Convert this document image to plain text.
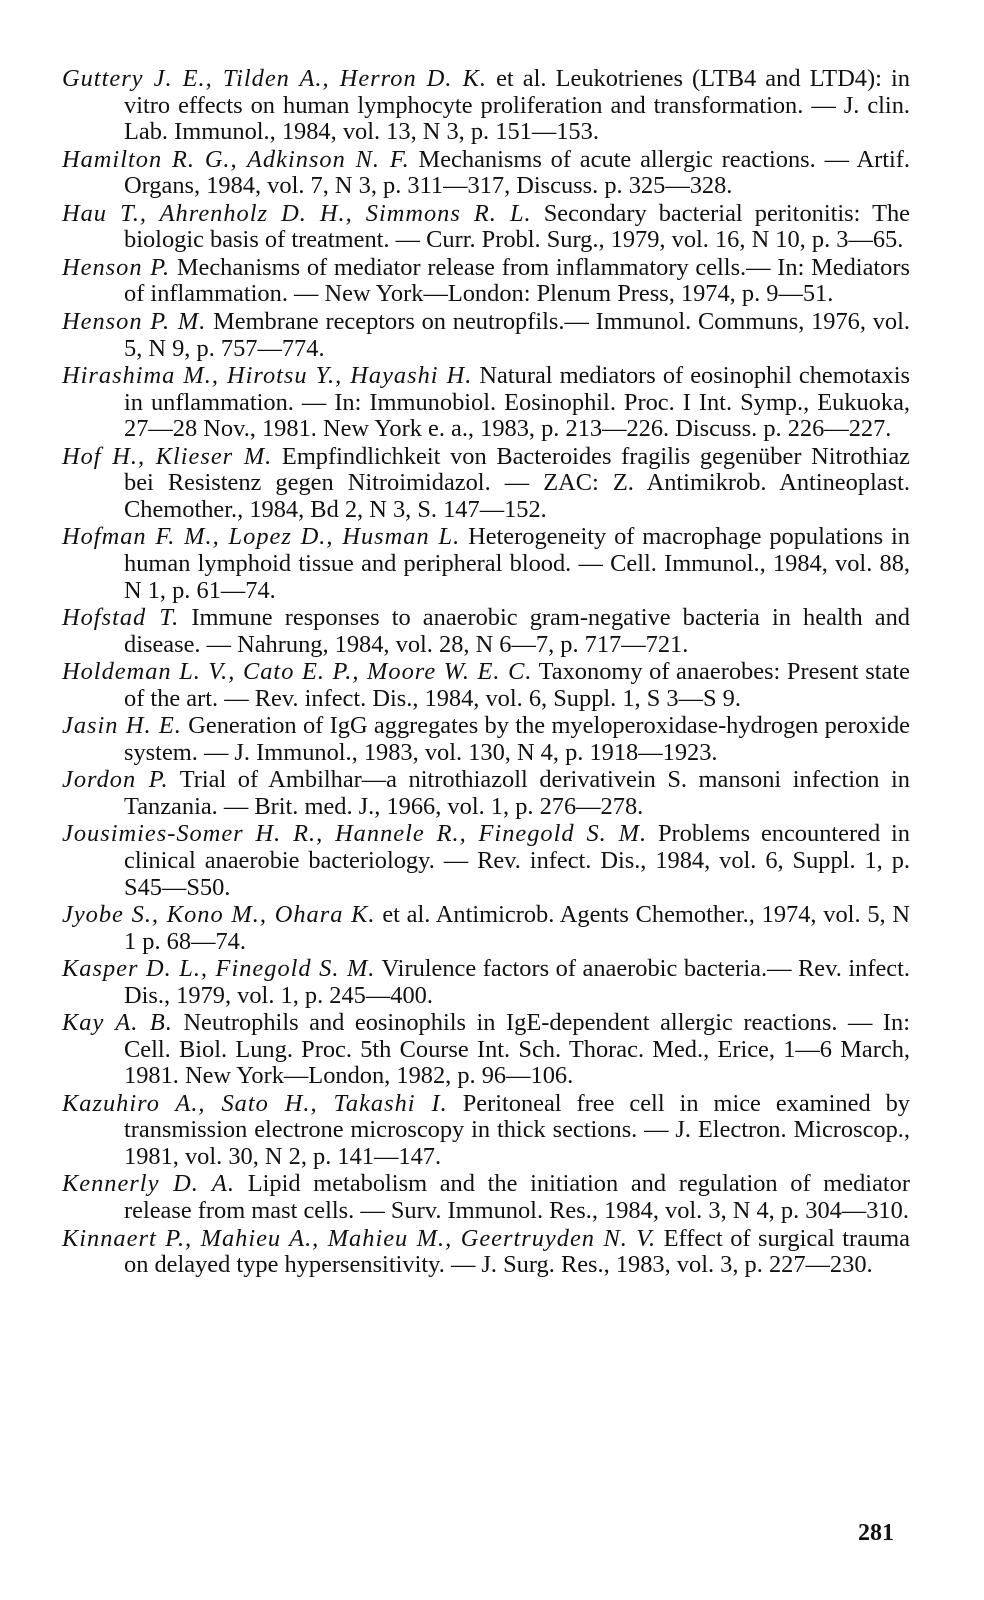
Guttery J. E., Tilden A., Herron D. K. et al. Leukotrienes (LTB4 and LTD4): in vitro effects on human lymphocyte proliferation and transformation. — J. clin. Lab. Immunol., 1984, vol. 13, N 3, p. 151—153.

Hamilton R. G., Adkinson N. F. Mechanisms of acute allergic reactions. — Artif. Organs, 1984, vol. 7, N 3, p. 311—317, Discuss. p. 325—328.

Hau T., Ahrenholz D. H., Simmons R. L. Secondary bacterial peritonitis: The biologic basis of treatment. — Curr. Probl. Surg., 1979, vol. 16, N 10, p. 3—65.

Henson P. Mechanisms of mediator release from inflammatory cells.— In: Mediators of inflammation. — New York—London: Plenum Press, 1974, p. 9—51.

Henson P. M. Membrane receptors on neutropfils.— Immunol. Communs, 1976, vol. 5, N 9, p. 757—774.

Hirashima M., Hirotsu Y., Hayashi H. Natural mediators of eosinophil chemotaxis in unflammation. — In: Immunobiol. Eosinophil. Proc. I Int. Symp., Eukuoka, 27—28 Nov., 1981. New York e. a., 1983, p. 213—226. Discuss. p. 226—227.

Hof H., Klieser M. Empfindlichkeit von Bacteroides fragilis gegenüber Nitrothiaz bei Resistenz gegen Nitroimidazol. — ZAC: Z. Antimikrob. Antineoplast. Chemother., 1984, Bd 2, N 3, S. 147—152.

Hofman F. M., Lopez D., Husman L. Heterogeneity of macrophage populations in human lymphoid tissue and peripheral blood. — Cell. Immunol., 1984, vol. 88, N 1, p. 61—74.

Hofstad T. Immune responses to anaerobic gram-negative bacteria in health and disease. — Nahrung, 1984, vol. 28, N 6—7, p. 717—721.

Holdeman L. V., Cato E. P., Moore W. E. C. Taxonomy of anaerobes: Present state of the art. — Rev. infect. Dis., 1984, vol. 6, Suppl. 1, S 3—S 9.

Jasin H. E. Generation of IgG aggregates by the myeloperoxidase-hydrogen peroxide system. — J. Immunol., 1983, vol. 130, N 4, p. 1918—1923.

Jordon P. Trial of Ambilhar—a nitrothiazoll derivativein S. mansoni infection in Tanzania. — Brit. med. J., 1966, vol. 1, p. 276—278.

Jousimies-Somer H. R., Hannele R., Finegold S. M. Problems encountered in clinical anaerobie bacteriology. — Rev. infect. Dis., 1984, vol. 6, Suppl. 1, p. S45—S50.

Jyobe S., Kono M., Ohara K. et al. Antimicrob. Agents Chemother., 1974, vol. 5, N 1 p. 68—74.

Kasper D. L., Finegold S. M. Virulence factors of anaerobic bacteria.— Rev. infect. Dis., 1979, vol. 1, p. 245—400.

Kay A. B. Neutrophils and eosinophils in IgE-dependent allergic reactions. — In: Cell. Biol. Lung. Proc. 5th Course Int. Sch. Thorac. Med., Erice, 1—6 March, 1981. New York—London, 1982, p. 96—106.

Kazuhiro A., Sato H., Takashi I. Peritoneal free cell in mice examined by transmission electrone microscopy in thick sections. — J. Electron. Microscop., 1981, vol. 30, N 2, p. 141—147.

Kennerly D. A. Lipid metabolism and the initiation and regulation of mediator release from mast cells. — Surv. Immunol. Res., 1984, vol. 3, N 4, p. 304—310.

Kinnaert P., Mahieu A., Mahieu M., Geertruyden N. V. Effect of surgical trauma on delayed type hypersensitivity. — J. Surg. Res., 1983, vol. 3, p. 227—230.

281
